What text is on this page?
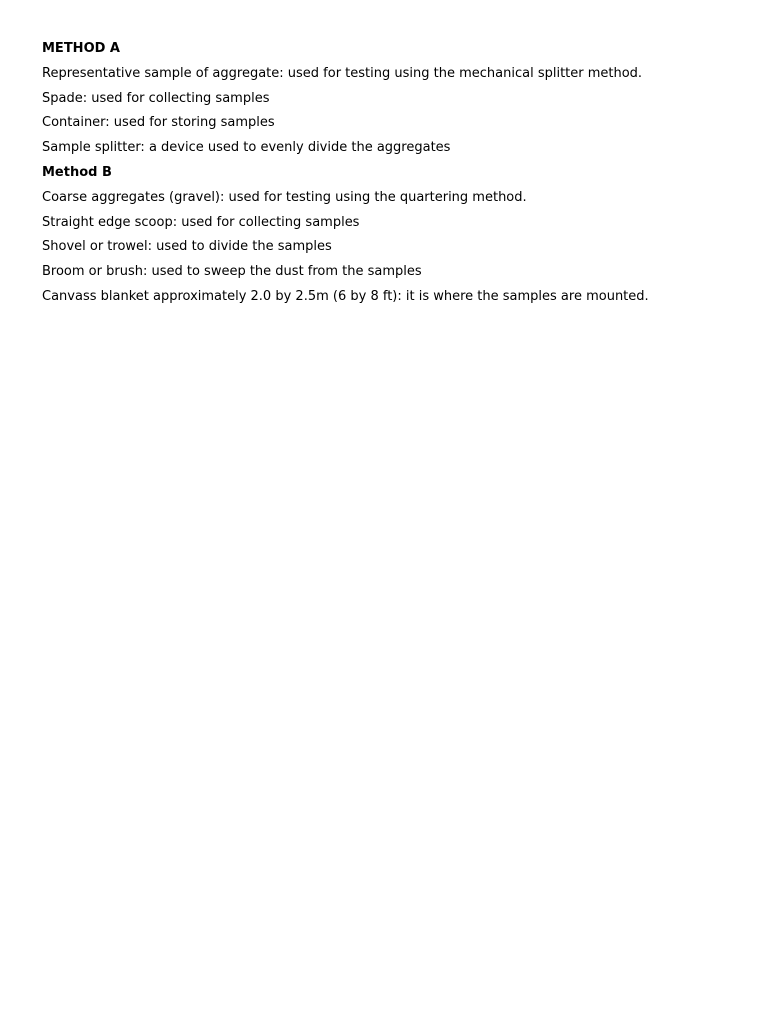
METHOD A
Representative sample of aggregate: used for testing using the mechanical splitter method.
Spade: used for collecting samples
Container: used for storing samples
Sample splitter: a device used to evenly divide the aggregates
Method B
Coarse aggregates (gravel): used for testing using the quartering method.
Straight edge scoop: used for collecting samples
Shovel or trowel: used to divide the samples
Broom or brush: used to sweep the dust from the samples
Canvass blanket approximately 2.0 by 2.5m (6 by 8 ft): it is where the samples are mounted.
